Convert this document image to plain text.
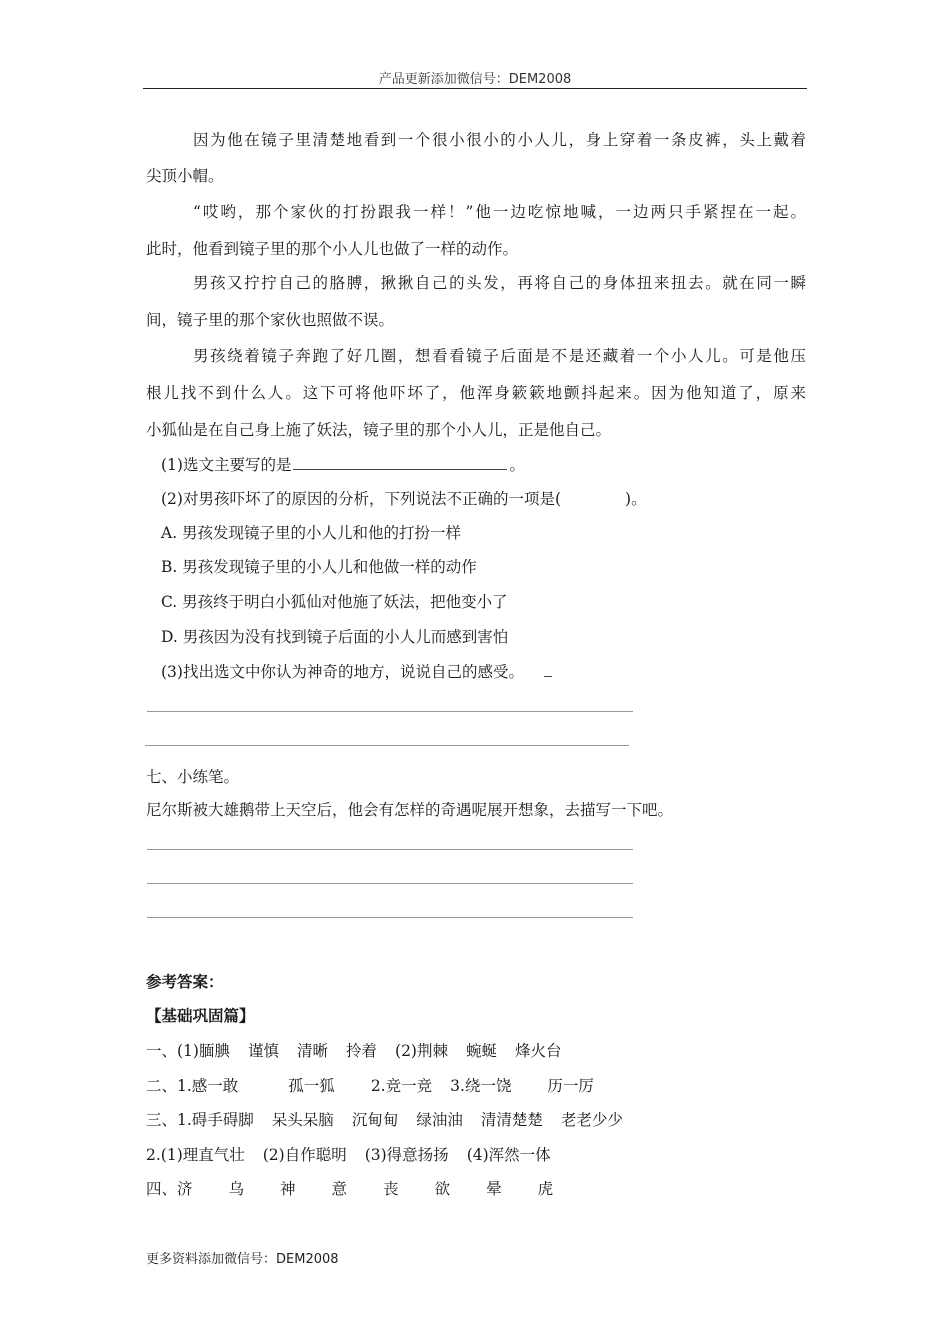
产品更新添加微信号：DEM2008
因为他在镜子里清楚地看到一个很小很小的小人儿，身上穿着一条皮裤，头上戴着
尖顶小帽。
“哎哟，那个家伙的打扮跟我一样！”他一边吃惊地喊，一边两只手紧捏在一起。
此时，他看到镜子里的那个小人儿也做了一样的动作。
男孩又拧拧自己的胳膊，揪揪自己的头发，再将自己的身体扭来扭去。就在同一瞬
间，镜子里的那个家伙也照做不误。
男孩绕着镜子奔跑了好几圈，想看看镜子后面是不是还藏着一个小人儿。可是他压
根儿找不到什么人。这下可将他吓坏了，他浑身簌簌地颤抖起来。因为他知道了，原来
小狐仙是在自己身上施了妖法，镜子里的那个小人儿，正是他自己。
(1)选文主要写的是	。
(2)对男孩吓坏了的原因的分析，下列说法不正确的一项是(	)。
A. 男孩发现镜子里的小人儿和他的打扮一样
B. 男孩发现镜子里的小人儿和他做一样的动作
C. 男孩终于明白小狐仙对他施了妖法，把他变小了
D. 男孩因为没有找到镜子后面的小人儿而感到害怕
(3)找出选文中你认为神奇的地方，说说自己的感受。
七、小练笔。
尼尔斯被大雄鹅带上天空后，他会有怎样的奇遇呢展开想象，去描写一下吧。
参考答案：
【基础巩固篇】
一、(1)腼腆 谨慎 清晰 拎着 (2)荆棘 蜿蜒 烽火台
二、1.感一敢	孤一狐 2.竞一竞 3.绕一饶 历一厉
三、1.碍手碍脚 呆头呆脑 沉甸甸 绿油油 清清楚楚 老老少少
2.(1)理直气壮 (2)自作聪明 (3)得意扬扬 (4)浑然一体
四、济 乌 神 意 丧 欲 晕 虎
更多资料添加微信号：DEM2008
